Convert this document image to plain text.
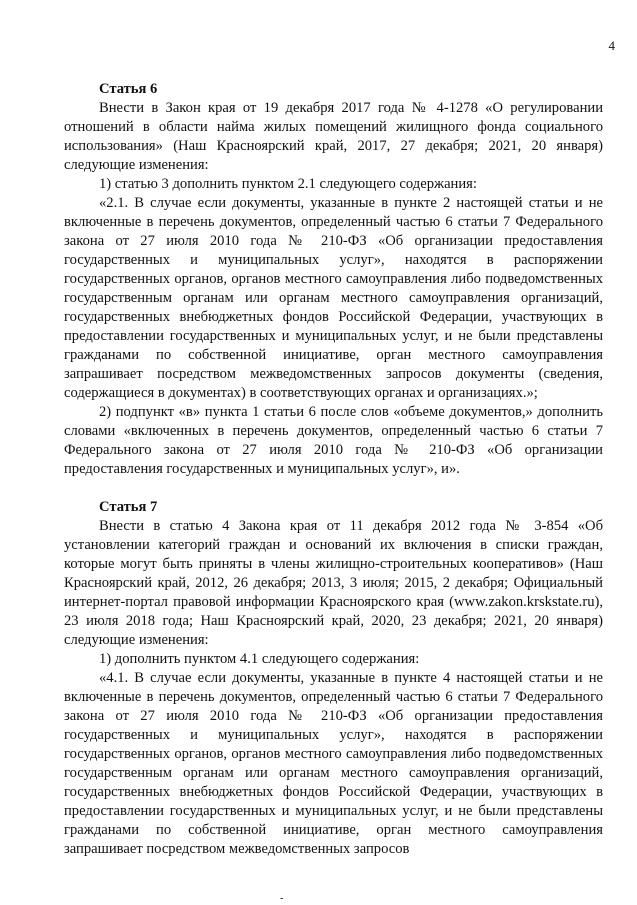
4

Статья 6

Внести в Закон края от 19 декабря 2017 года № 4-1278 «О регулировании отношений в области найма жилых помещений жилищного фонда социального использования» (Наш Красноярский край, 2017, 27 декабря; 2021, 20 января) следующие изменения:

1) статью 3 дополнить пунктом 2.1 следующего содержания:

«2.1. В случае если документы, указанные в пункте 2 настоящей статьи и не включенные в перечень документов, определенный частью 6 статьи 7 Федерального закона от 27 июля 2010 года № 210-ФЗ «Об организации предоставления государственных и муниципальных услуг», находятся в распоряжении государственных органов, органов местного самоуправления либо подведомственных государственным органам или органам местного самоуправления организаций, государственных внебюджетных фондов Российской Федерации, участвующих в предоставлении государственных и муниципальных услуг, и не были представлены гражданами по собственной инициативе, орган местного самоуправления запрашивает посредством межведомственных запросов документы (сведения, содержащиеся в документах) в соответствующих органах и организациях.»;

2) подпункт «в» пункта 1 статьи 6 после слов «объеме документов,» дополнить словами «включенных в перечень документов, определенный частью 6 статьи 7 Федерального закона от 27 июля 2010 года № 210-ФЗ «Об организации предоставления государственных и муниципальных услуг», и».

Статья 7

Внести в статью 4 Закона края от 11 декабря 2012 года № 3-854 «Об установлении категорий граждан и оснований их включения в списки граждан, которые могут быть приняты в члены жилищно-строительных кооперативов» (Наш Красноярский край, 2012, 26 декабря; 2013, 3 июля; 2015, 2 декабря; Официальный интернет-портал правовой информации Красноярского края (www.zakon.krskstate.ru), 23 июля 2018 года; Наш Красноярский край, 2020, 23 декабря; 2021, 20 января) следующие изменения:

1) дополнить пунктом 4.1 следующего содержания:

«4.1. В случае если документы, указанные в пункте 4 настоящей статьи и не включенные в перечень документов, определенный частью 6 статьи 7 Федерального закона от 27 июля 2010 года № 210-ФЗ «Об организации предоставления государственных и муниципальных услуг», находятся в распоряжении государственных органов, органов местного самоуправления либо подведомственных государственным органам или органам местного самоуправления организаций, государственных внебюджетных фондов Российской Федерации, участвующих в предоставлении государственных и муниципальных услуг, и не были представлены гражданами по собственной инициативе, орган местного самоуправления запрашивает посредством межведомственных запросов

-
